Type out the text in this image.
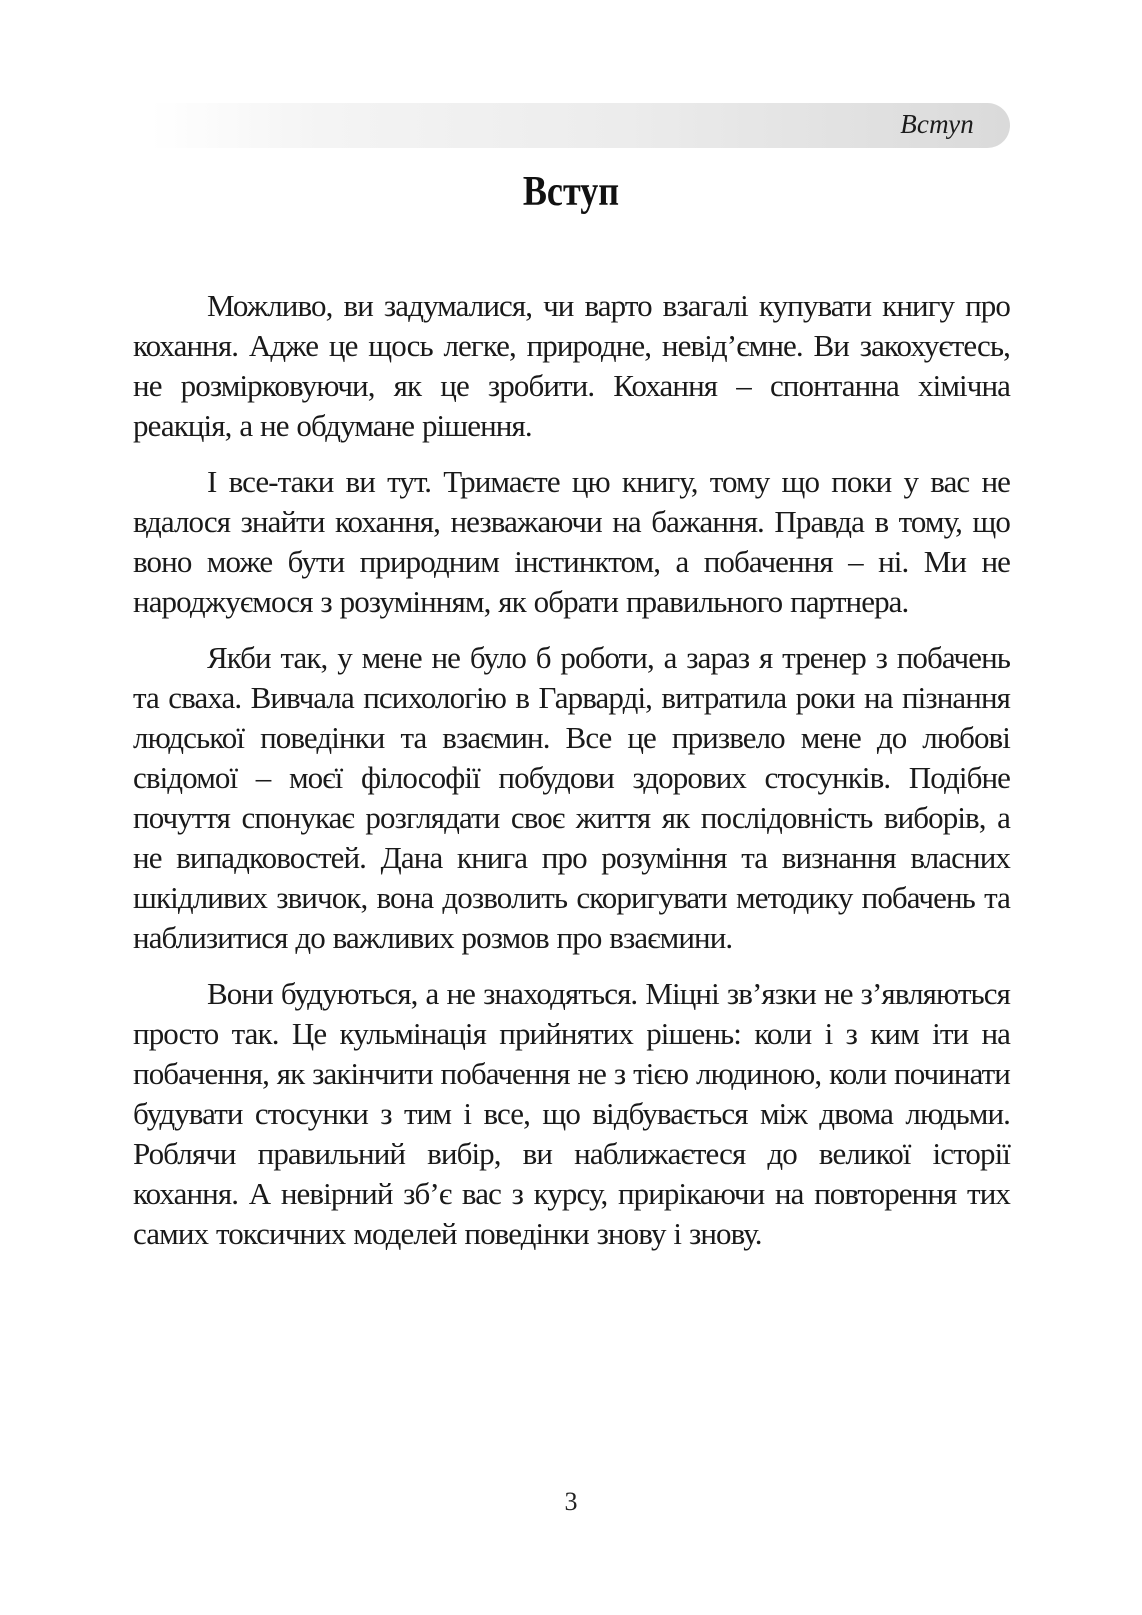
Вступ
Вступ

Можливо, ви задумалися, чи варто взагалі купувати книгу про кохання. Адже це щось легке, природне, невід’ємне. Ви закохуєтесь, не розмірковуючи, як це зробити. Кохання – спонтанна хімічна реакція, а не обдумане рішення.

І все-таки ви тут. Тримаєте цю книгу, тому що поки у вас не вдалося знайти кохання, незважаючи на бажання. Правда в тому, що воно може бути природним інстинктом, а побачення – ні. Ми не народжуємося з розумінням, як обрати правильного партнера.

Якби так, у мене не було б роботи, а зараз я тренер з побачень та сваха. Вивчала психологію в Гарварді, витратила роки на пізнання людської поведінки та взаємин. Все це призвело мене до любові свідомої – моєї філософії побудови здорових стосунків. Подібне почуття спонукає розглядати своє життя як послідовність виборів, а не випадковостей. Дана книга про розуміння та визнання власних шкідливих звичок, вона дозволить скоригувати методику побачень та наблизитися до важливих розмов про взаємини.

Вони будуються, а не знаходяться. Міцні зв’язки не з’являються просто так. Це кульмінація прийнятих рішень: коли і з ким іти на побачення, як закінчити побачення не з тією людиною, коли починати будувати стосунки з тим і все, що відбувається між двома людьми. Роблячи правильний вибір, ви наближаєтеся до великої історії кохання. А невірний зб’є вас з курсу, прирікаючи на повторення тих самих токсичних моделей поведінки знову і знову.

3
